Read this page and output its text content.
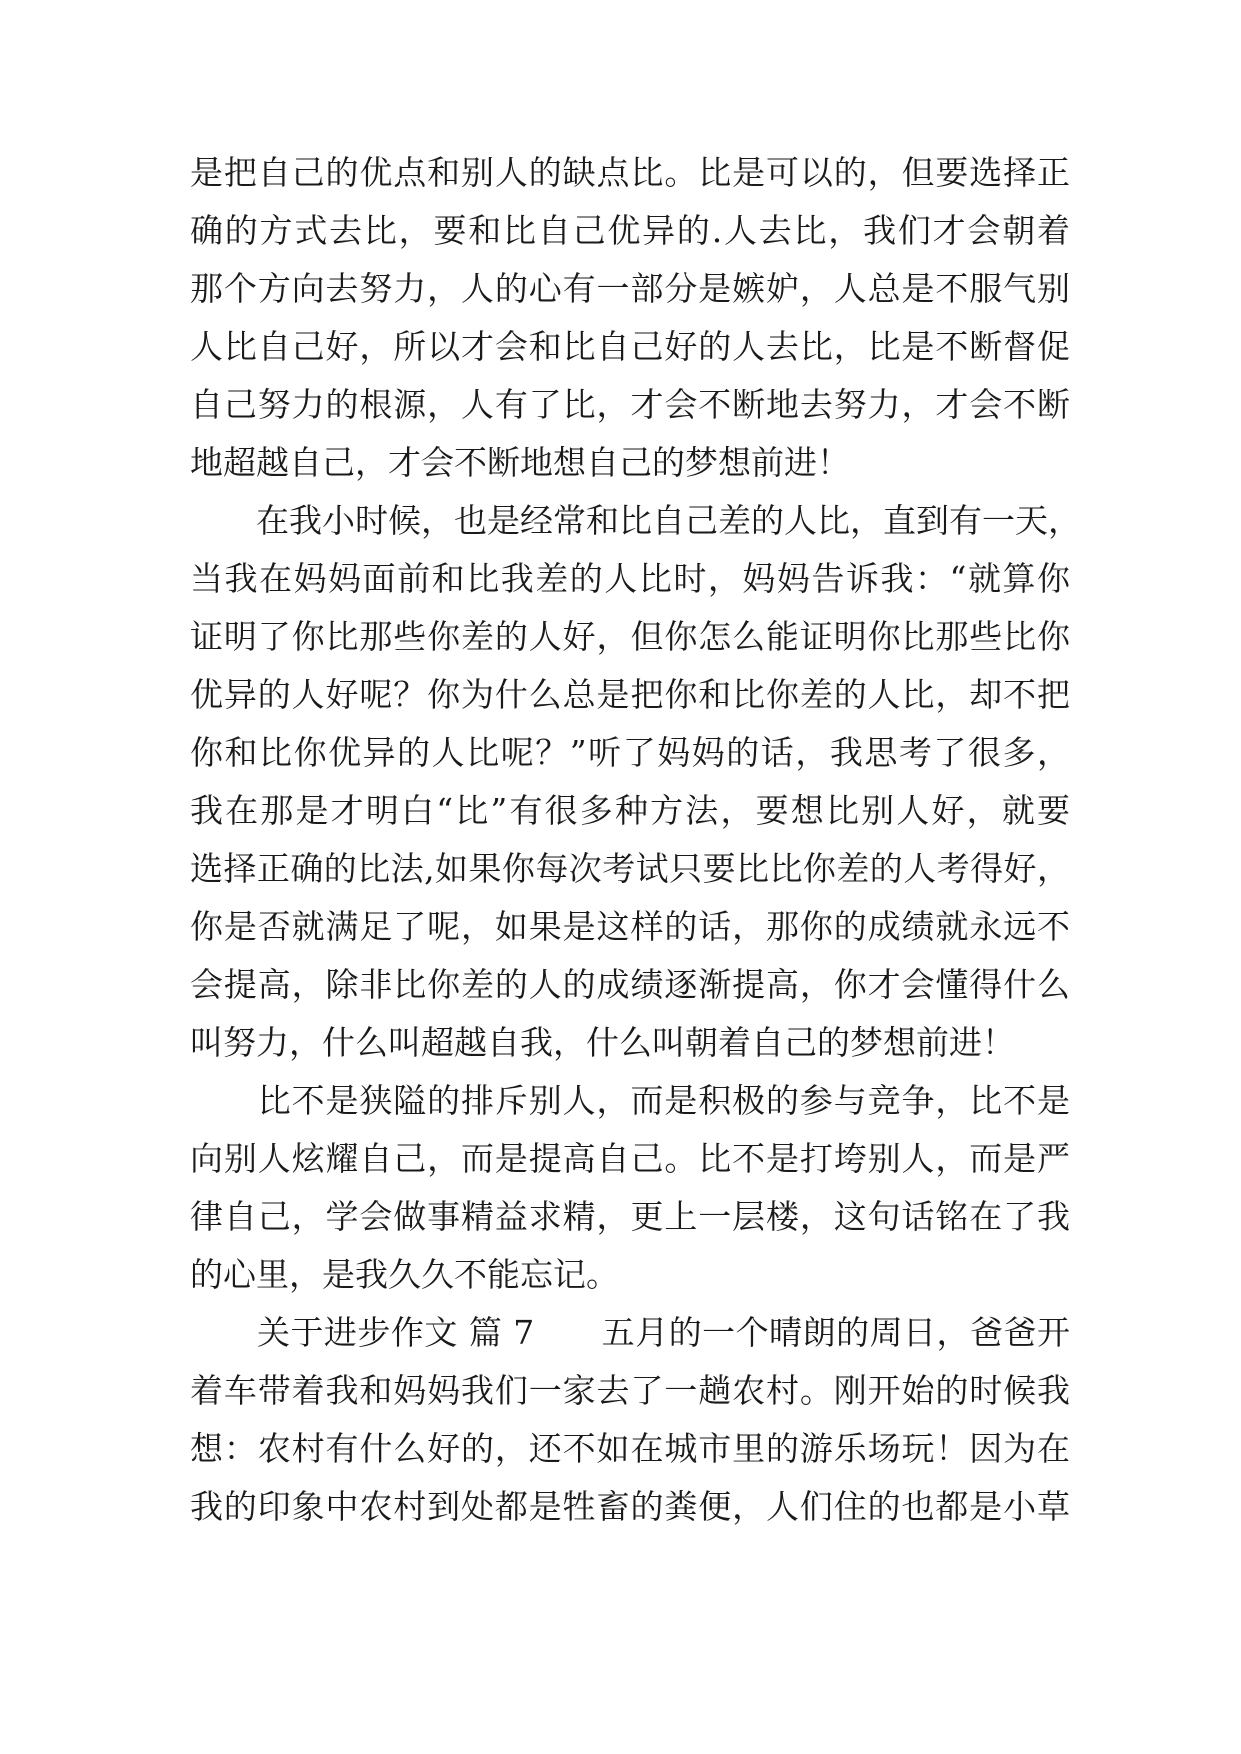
是把自己的优点和别人的缺点比。比是可以的，但要选择正
确的方式去比，要和比自己优异的.人去比，我们才会朝着
那个方向去努力，人的心有一部分是嫉妒，人总是不服气别
人比自己好，所以才会和比自己好的人去比，比是不断督促
自己努力的根源，人有了比，才会不断地去努力，才会不断
地超越自己，才会不断地想自己的梦想前进！
　　在我小时候，也是经常和比自己差的人比，直到有一天，
当我在妈妈面前和比我差的人比时，妈妈告诉我：“就算你
证明了你比那些你差的人好，但你怎么能证明你比那些比你
优异的人好呢？你为什么总是把你和比你差的人比，却不把
你和比你优异的人比呢？”听了妈妈的话，我思考了很多，
我在那是才明白“比”有很多种方法，要想比别人好，就要
选择正确的比法,如果你每次考试只要比比你差的人考得好，
你是否就满足了呢，如果是这样的话，那你的成绩就永远不
会提高，除非比你差的人的成绩逐渐提高，你才会懂得什么
叫努力，什么叫超越自我，什么叫朝着自己的梦想前进！
　　比不是狭隘的排斥别人，而是积极的参与竞争，比不是
向别人炫耀自己，而是提高自己。比不是打垮别人，而是严
律自己，学会做事精益求精，更上一层楼，这句话铭在了我
的心里，是我久久不能忘记。
　　关于进步作文 篇 7　　五月的一个晴朗的周日，爸爸开
着车带着我和妈妈我们一家去了一趟农村。刚开始的时候我
想：农村有什么好的，还不如在城市里的游乐场玩！因为在
我的印象中农村到处都是牲畜的粪便，人们住的也都是小草
